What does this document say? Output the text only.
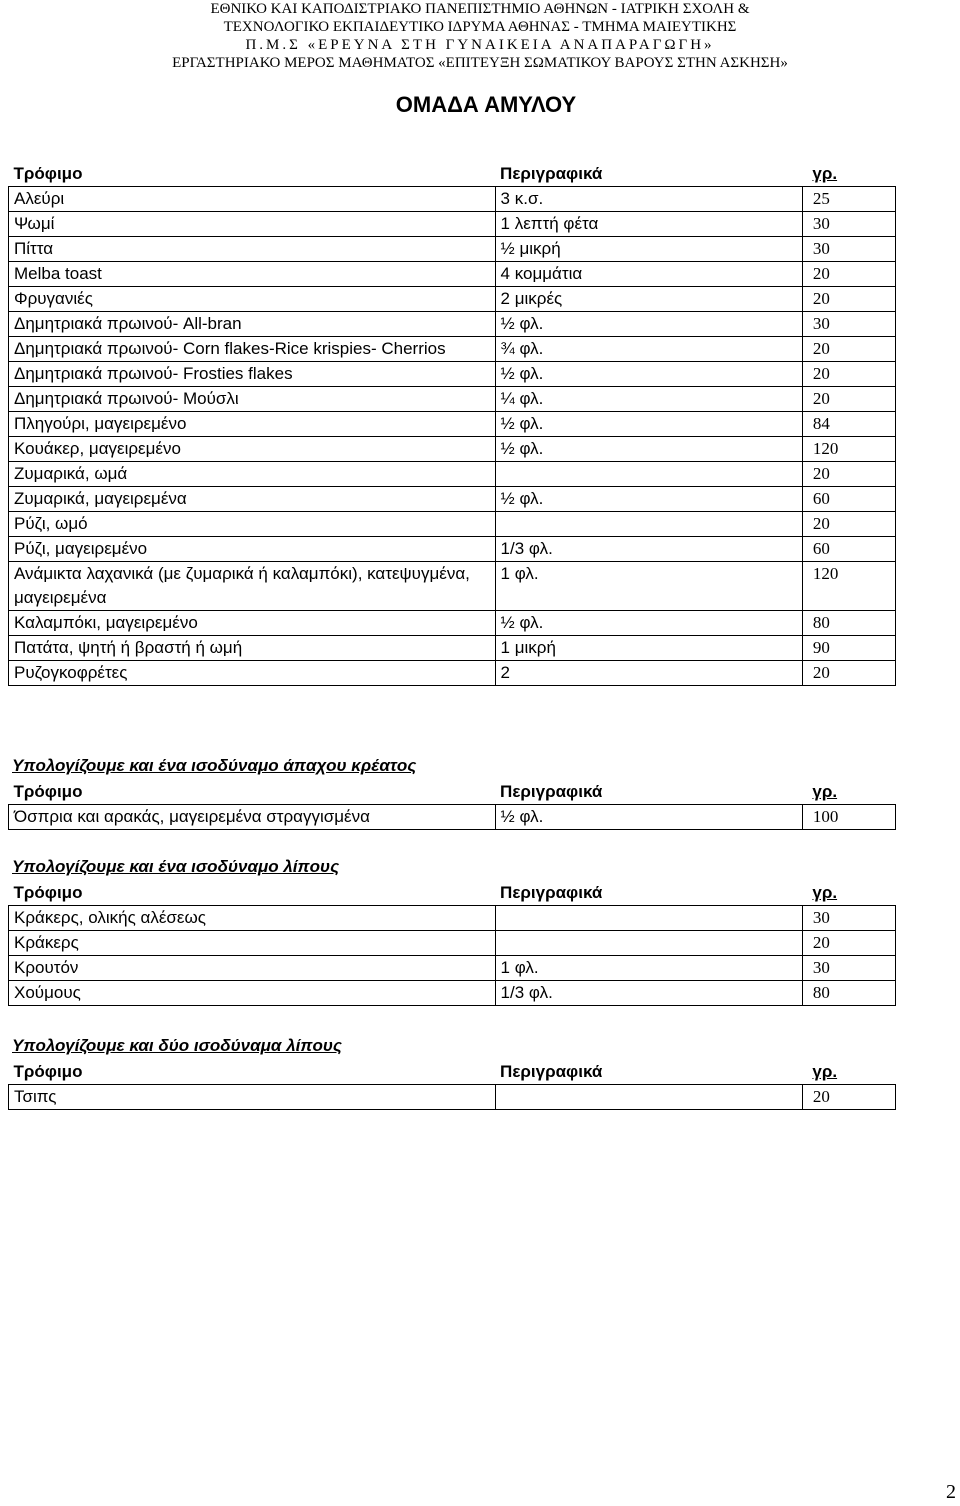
ΕΘΝΙΚΟ ΚΑΙ ΚΑΠΟΔΙΣΤΡΙΑΚΟ ΠΑΝΕΠΙΣΤΗΜΙΟ ΑΘΗΝΩΝ - ΙΑΤΡΙΚΗ ΣΧΟΛΗ &
ΤΕΧΝΟΛΟΓΙΚΟ ΕΚΠΑΙΔΕΥΤΙΚΟ ΙΔΡΥΜΑ ΑΘΗΝΑΣ - ΤΜΗΜΑ ΜΑΙΕΥΤΙΚΗΣ
Π.Μ.Σ «ΕΡΕΥΝΑ ΣΤΗ ΓΥΝΑΙΚΕΙΑ ΑΝΑΠΑΡΑΓΩΓΗ»
ΕΡΓΑΣΤΗΡΙΑΚΟ ΜΕΡΟΣ ΜΑΘΗΜΑΤΟΣ «ΕΠΙΤΕΥΞΗ ΣΩΜΑΤΙΚΟΥ ΒΑΡΟΥΣ ΣΤΗΝ ΑΣΚΗΣΗ»
ΟΜΑΔΑ ΑΜΥΛΟΥ
Τρόφιμο	Περιγραφικά	γρ.
Αλεύρι	3 κ.σ.	25
Ψωμί	1 λεπτή φέτα	30
Πίττα	½ μικρή	30
Melba toast	4 κομμάτια	20
Φρυγανιές	2 μικρές	20
Δημητριακά πρωινού- All-bran	½ φλ.	30
Δημητριακά πρωινού- Corn flakes-Rice krispies- Cherrios	¾ φλ.	20
Δημητριακά πρωινού- Frosties flakes	½ φλ.	20
Δημητριακά πρωινού- Μούσλι	¼ φλ.	20
Πληγούρι, μαγειρεμένο	½ φλ.	84
Κουάκερ, μαγειρεμένο	½ φλ.	120
Ζυμαρικά, ωμά		20
Ζυμαρικά, μαγειρεμένα	½ φλ.	60
Ρύζι, ωμό		20
Ρύζι, μαγειρεμένο	1/3 φλ.	60
Ανάμικτα λαχανικά (με ζυμαρικά ή καλαμπόκι), κατεψυγμένα, μαγειρεμένα	1 φλ.	120
Καλαμπόκι, μαγειρεμένο	½ φλ.	80
Πατάτα, ψητή ή βραστή ή ωμή	1 μικρή	90
Ρυζογκοφρέτες	2	20
Υπολογίζουμε και ένα ισοδύναμο άπαχου κρέατος
Τρόφιμο	Περιγραφικά	γρ.
Όσπρια και αρακάς, μαγειρεμένα στραγγισμένα	½ φλ.	100
Υπολογίζουμε και ένα ισοδύναμο λίπους
Τρόφιμο	Περιγραφικά	γρ.
Κράκερς, ολικής αλέσεως		30
Κράκερς		20
Κρουτόν	1 φλ.	30
Χούμους	1/3 φλ.	80
Υπολογίζουμε και δύο ισοδύναμα λίπους
Τρόφιμο	Περιγραφικά	γρ.
Τσιπς		20
2
